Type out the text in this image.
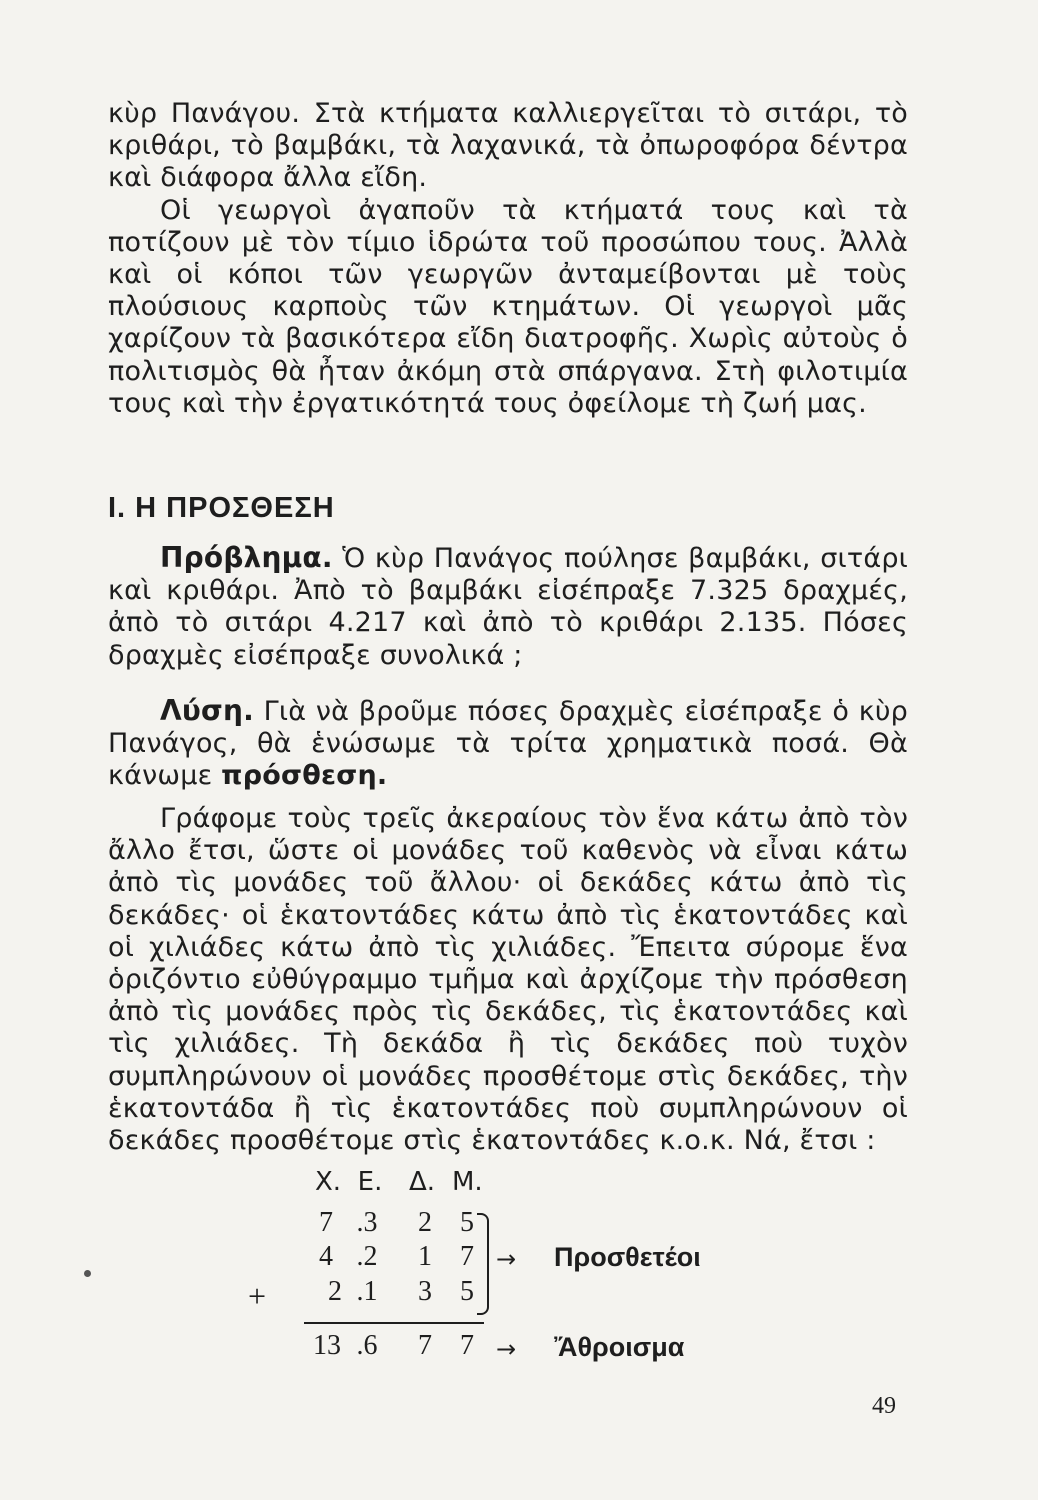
κὺρ Πανάγου. Στὰ κτήματα καλλιεργεῖται τὸ σιτάρι, τὸ κριθάρι, τὸ βαμβάκι, τὰ λαχανικά, τὰ ὀπωροφόρα δέντρα καὶ διάφορα ἄλλα εἴδη.

Οἱ γεωργοὶ ἀγαποῦν τὰ κτήματά τους καὶ τὰ ποτίζουν μὲ τὸν τίμιο ἱδρώτα τοῦ προσώπου τους. Ἀλλὰ καὶ οἱ κόποι τῶν γεωργῶν ἀνταμείβονται μὲ τοὺς πλούσιους καρποὺς τῶν κτημάτων. Οἱ γεωργοὶ μᾶς χαρίζουν τὰ βασικότερα εἴδη διατροφῆς. Χωρὶς αὐτοὺς ὁ πολιτισμὸς θὰ ἦταν ἀκόμη στὰ σπάργανα. Στὴ φιλοτιμία τους καὶ τὴν ἐργατικότητά τους ὀφείλομε τὴ ζωή μας.

Ι. Η ΠΡΟΣΘΕΣΗ
Πρόβλημα. Ὁ κὺρ Πανάγος πούλησε βαμβάκι, σιτάρι καὶ κριθάρι. Ἀπὸ τὸ βαμβάκι εἰσέπραξε 7.325 δραχμές, ἀπὸ τὸ σιτάρι 4.217 καὶ ἀπὸ τὸ κριθάρι 2.135. Πόσες δραχμὲς εἰσέπραξε συνολικά ;
Λύση. Γιὰ νὰ βροῦμε πόσες δραχμὲς εἰσέπραξε ὁ κὺρ Πανάγος, θὰ ἑνώσωμε τὰ τρίτα χρηματικὰ ποσά. Θὰ κάνωμε πρόσθεση.
Γράφομε τοὺς τρεῖς ἀκεραίους τὸν ἕνα κάτω ἀπὸ τὸν ἄλλο ἔτσι, ὥστε οἱ μονάδες τοῦ καθενὸς νὰ εἶναι κάτω ἀπὸ τὶς μονάδες τοῦ ἄλλου· οἱ δεκάδες κάτω ἀπὸ τὶς δεκάδες· οἱ ἑκατοντάδες κάτω ἀπὸ τὶς ἑκατοντάδες καὶ οἱ χιλιάδες κάτω ἀπὸ τὶς χιλιάδες. Ἔπειτα σύρομε ἕνα ὁριζόντιο εὐθύγραμμο τμῆμα καὶ ἀρχίζομε τὴν πρόσθεση ἀπὸ τὶς μονάδες πρὸς τὶς δεκάδες, τὶς ἑκατοντάδες καὶ τὶς χιλιάδες. Τὴ δεκάδα ἢ τὶς δεκάδες ποὺ τυχὸν συμπληρώνουν οἱ μονάδες προσθέτομε στὶς δεκάδες, τὴν ἑκατοντάδα ἢ τὶς ἑκατοντάδες ποὺ συμπληρώνουν οἱ δεκάδες προσθέτομε στὶς ἑκατοντάδες κ.ο.κ. Νά, ἔτσι :
Χ. Ε. Δ. Μ.
7 .3 2 5
4 .2 1 7
2 .1 3 5
+
13 .6 7 7
→ Προσθετέοι
→ Ἄθροισμα
49
